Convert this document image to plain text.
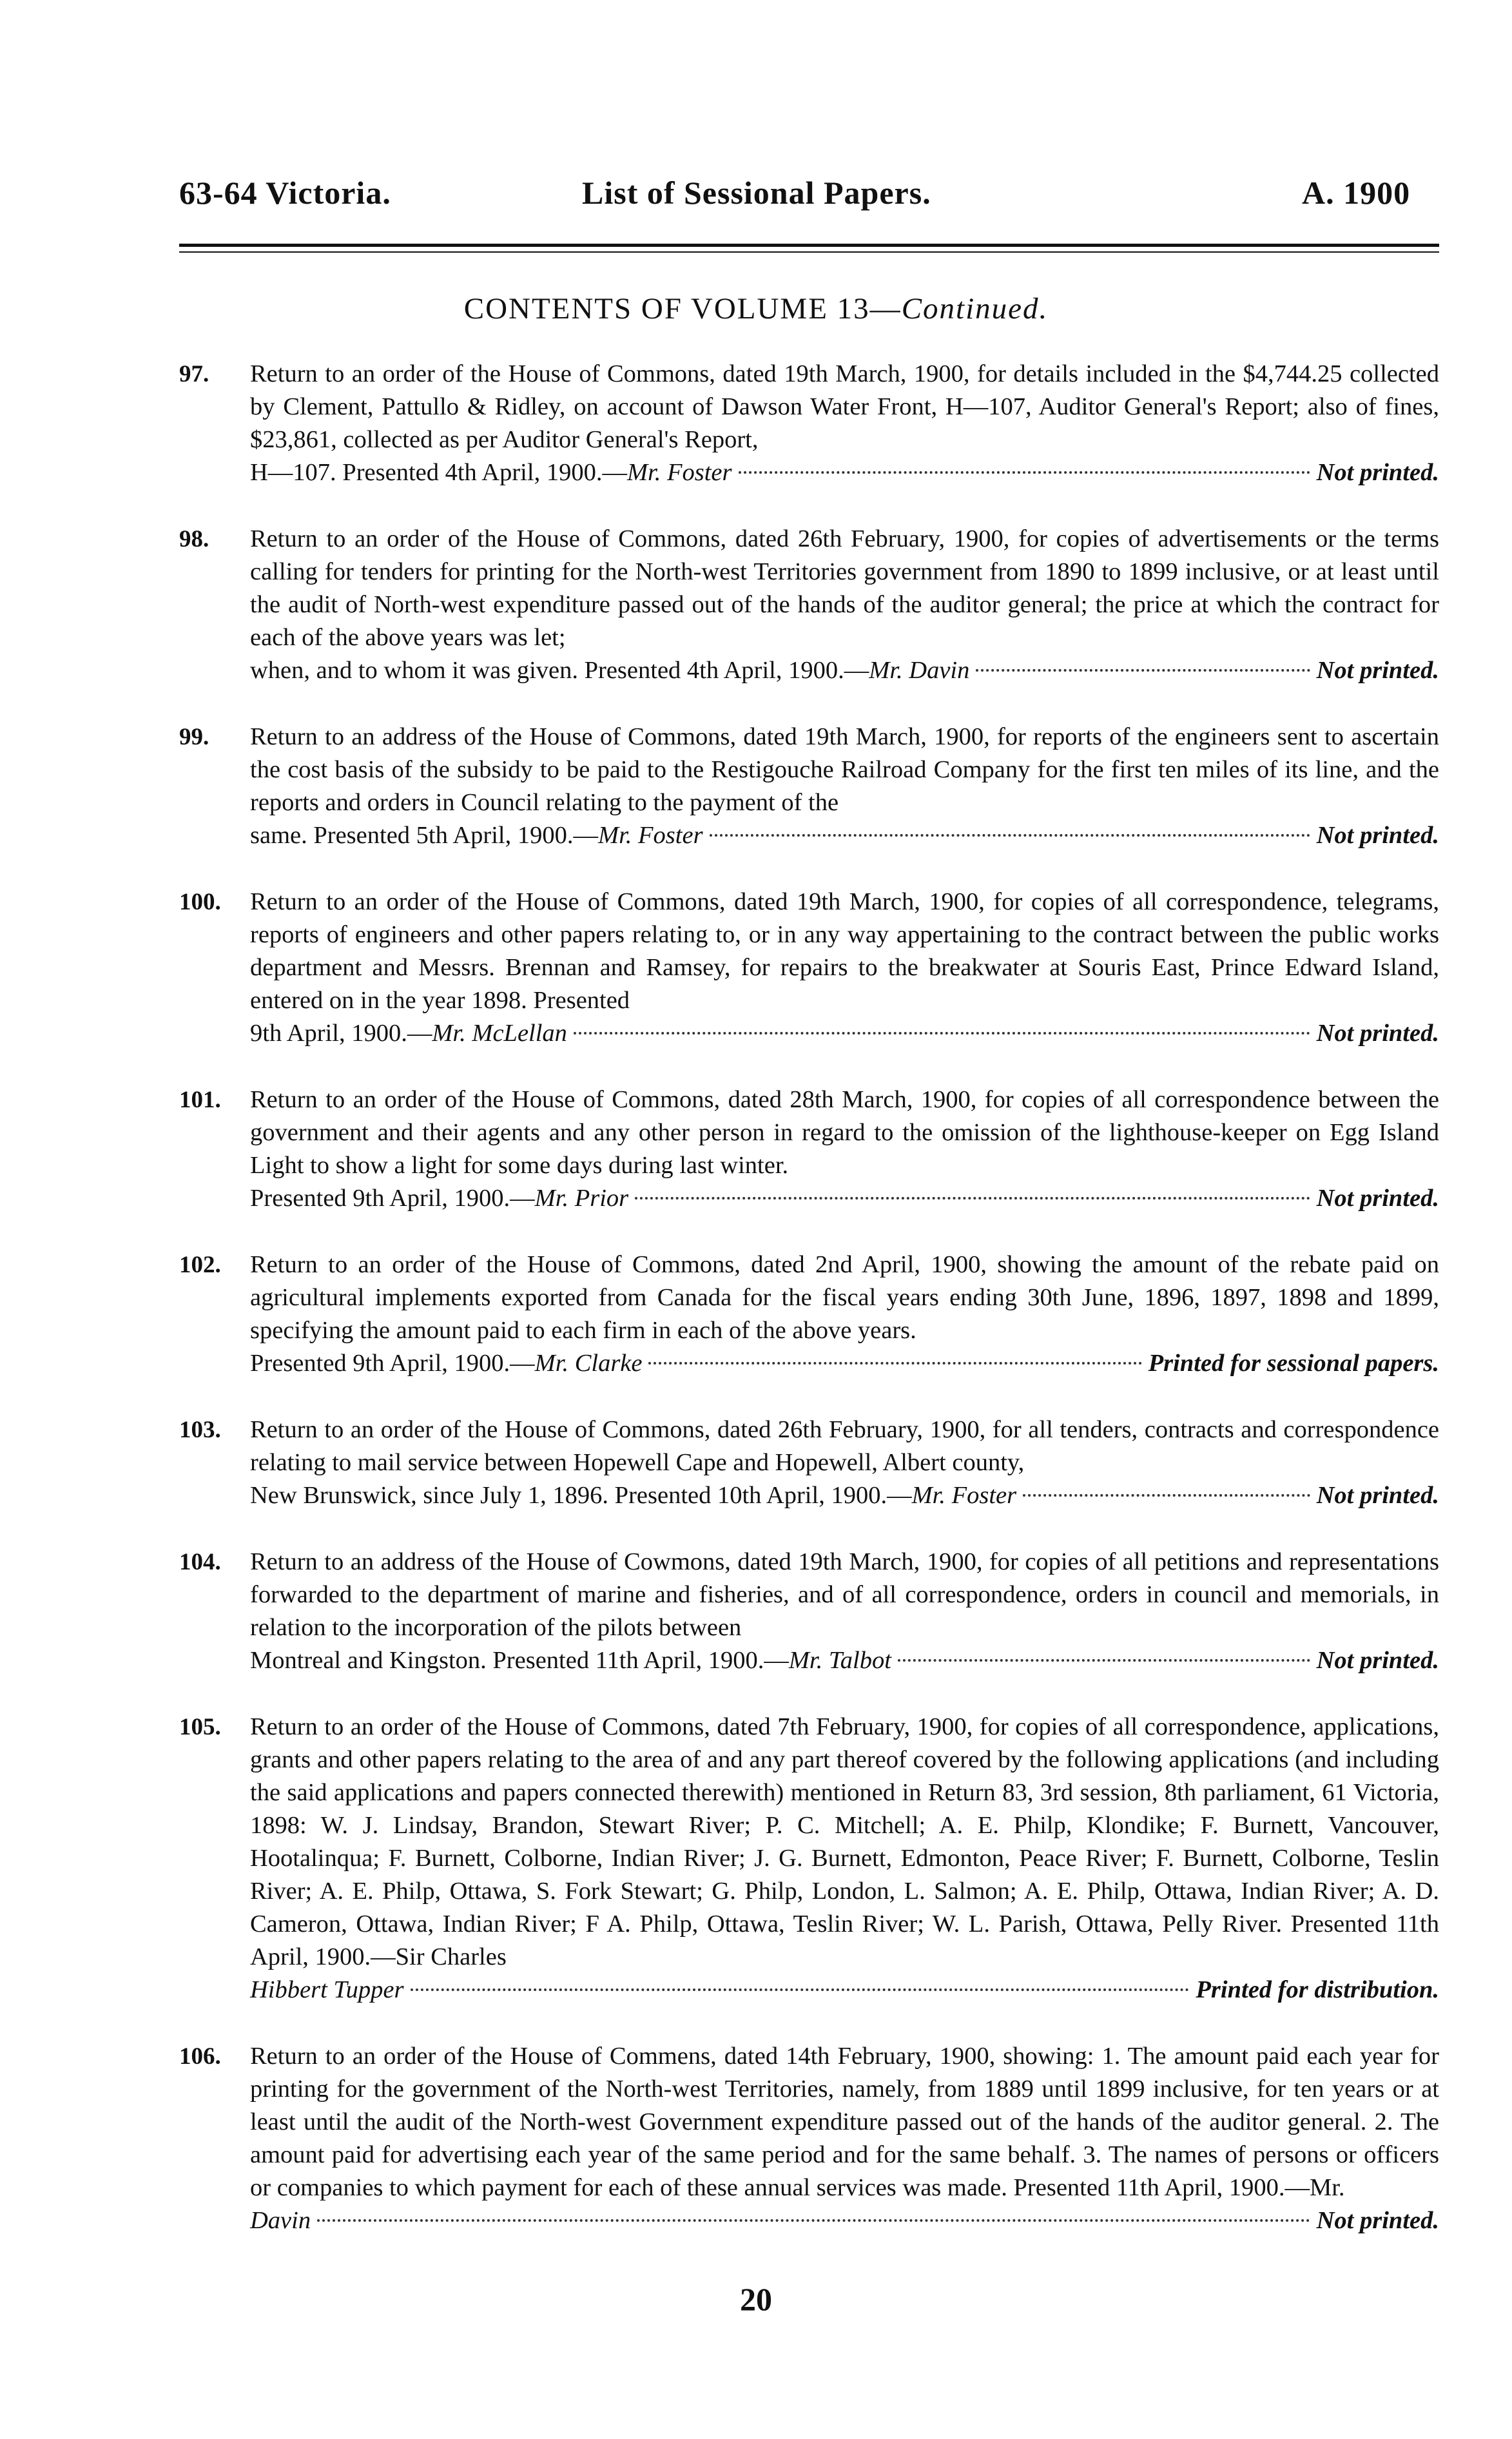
63-64 Victoria.	List of Sessional Papers.	A. 1900
CONTENTS OF VOLUME 13—Continued.
97. Return to an order of the House of Commons, dated 19th March, 1900, for details included in the $4,744.25 collected by Clement, Pattullo & Ridley, on account of Dawson Water Front, H—107, Auditor General's Report; also of fines, $23,861, collected as per Auditor General's Report,
H—107. Presented 4th April, 1900.— Mr. Foster	Not printed.
98. Return to an order of the House of Commons, dated 26th February, 1900, for copies of advertisements or the terms calling for tenders for printing for the North-west Territories government from 1890 to 1899 inclusive, or at least until the audit of North-west expenditure passed out of the hands of the auditor general; the price at which the contract for each of the above years was let;
when, and to whom it was given. Presented 4th April, 1900.— Mr. Davin	Not printed.
99. Return to an address of the House of Commons, dated 19th March, 1900, for reports of the engineers sent to ascertain the cost basis of the subsidy to be paid to the Restigouche Railroad Company for the first ten miles of its line, and the reports and orders in Council relating to the payment of the
same. Presented 5th April, 1900.— Mr. Foster	Not printed.
100. Return to an order of the House of Commons, dated 19th March, 1900, for copies of all correspondence, telegrams, reports of engineers and other papers relating to, or in any way appertaining to the contract between the public works department and Messrs. Brennan and Ramsey, for repairs to the breakwater at Souris East, Prince Edward Island, entered on in the year 1898. Presented
9th April, 1900.— Mr. McLellan	Not printed.
101. Return to an order of the House of Commons, dated 28th March, 1900, for copies of all correspondence between the government and their agents and any other person in regard to the omission of the lighthouse-keeper on Egg Island Light to show a light for some days during last winter.
Presented 9th April, 1900.— Mr. Prior	Not printed.
102. Return to an order of the House of Commons, dated 2nd April, 1900, showing the amount of the rebate paid on agricultural implements exported from Canada for the fiscal years ending 30th June, 1896, 1897, 1898 and 1899, specifying the amount paid to each firm in each of the above years.
Presented 9th April, 1900.— Mr. Clarke	Printed for sessional papers.
103. Return to an order of the House of Commons, dated 26th February, 1900, for all tenders, contracts and correspondence relating to mail service between Hopewell Cape and Hopewell, Albert county,
New Brunswick, since July 1, 1896. Presented 10th April, 1900.— Mr. Foster	Not printed.
104. Return to an address of the House of Cowmons, dated 19th March, 1900, for copies of all petitions and representations forwarded to the department of marine and fisheries, and of all correspondence, orders in council and memorials, in relation to the incorporation of the pilots between
Montreal and Kingston. Presented 11th April, 1900.— Mr. Talbot	Not printed.
105. Return to an order of the House of Commons, dated 7th February, 1900, for copies of all correspondence, applications, grants and other papers relating to the area of and any part thereof covered by the following applications (and including the said applications and papers connected therewith) mentioned in Return 83, 3rd session, 8th parliament, 61 Victoria, 1898: W. J. Lindsay, Brandon, Stewart River; P. C. Mitchell; A. E. Philp, Klondike; F. Burnett, Vancouver, Hootalinqua; F. Burnett, Colborne, Indian River; J. G. Burnett, Edmonton, Peace River; F. Burnett, Colborne, Teslin River; A. E. Philp, Ottawa, S. Fork Stewart; G. Philp, London, L. Salmon; A. E. Philp, Ottawa, Indian River; A. D. Cameron, Ottawa, Indian River; F A. Philp, Ottawa, Teslin River; W. L. Parish, Ottawa, Pelly River. Presented 11th April, 1900.—Sir Charles
Hibbert Tupper	Printed for distribution.
106. Return to an order of the House of Commens, dated 14th February, 1900, showing: 1. The amount paid each year for printing for the government of the North-west Territories, namely, from 1889 until 1899 inclusive, for ten years or at least until the audit of the North-west Government expenditure passed out of the hands of the auditor general. 2. The amount paid for advertising each year of the same period and for the same behalf. 3. The names of persons or officers or companies to which payment for each of these annual services was made. Presented 11th April, 1900.—Mr.
Davin	Not printed.
20
